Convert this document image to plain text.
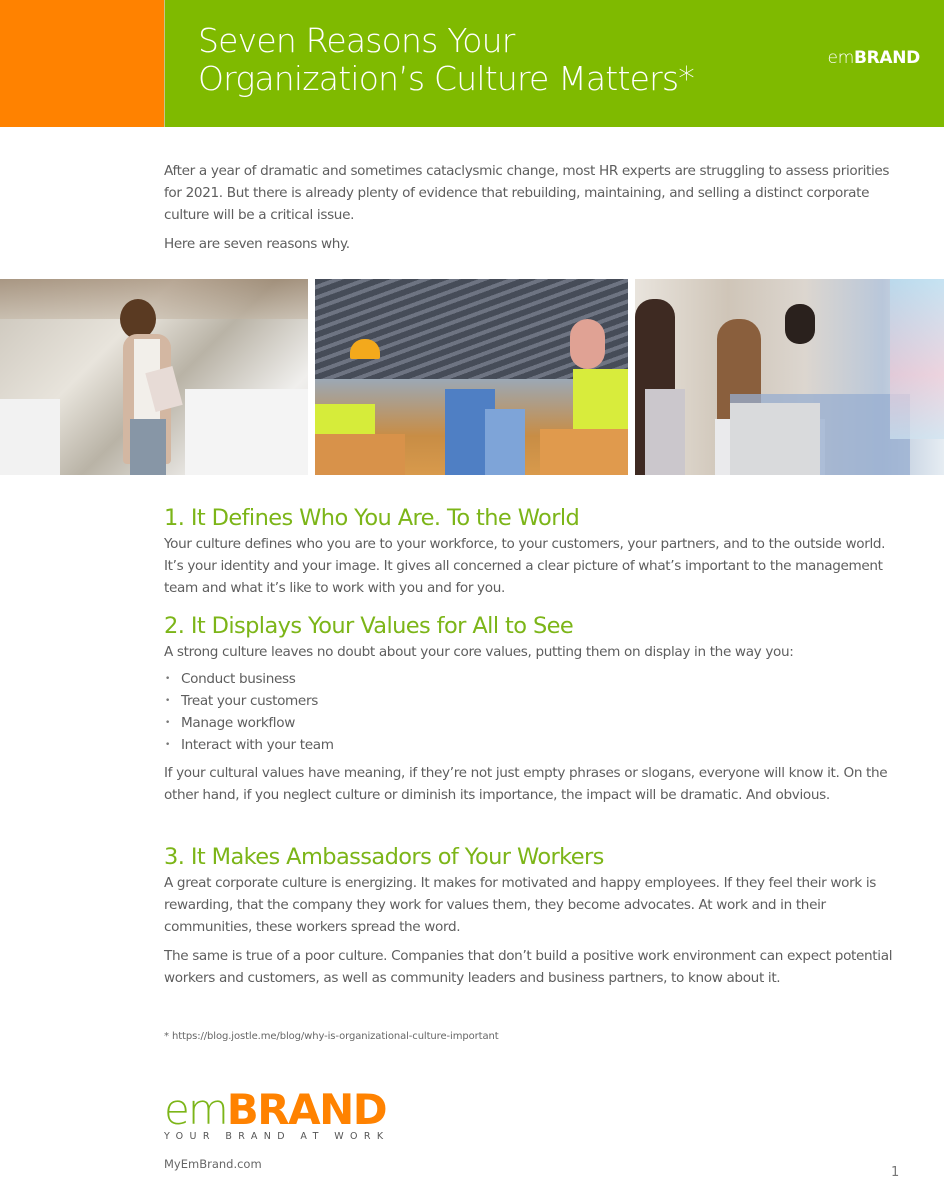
Seven Reasons Your
Organization’s Culture Matters*
emBRAND

After a year of dramatic and sometimes cataclysmic change, most HR experts are struggling to assess priorities for 2021. But there is already plenty of evidence that rebuilding, maintaining, and selling a distinct corporate culture will be a critical issue.

Here are seven reasons why.

1. It Defines Who You Are. To the World

Your culture defines who you are to your workforce, to your customers, your partners, and to the outside world. It’s your identity and your image. It gives all concerned a clear picture of what’s important to the management team and what it’s like to work with you and for you.

2. It Displays Your Values for All to See

A strong culture leaves no doubt about your core values, putting them on display in the way you:

• Conduct business
• Treat your customers
• Manage workflow
• Interact with your team

If your cultural values have meaning, if they’re not just empty phrases or slogans, everyone will know it. On the other hand, if you neglect culture or diminish its importance, the impact will be dramatic. And obvious.

3. It Makes Ambassadors of Your Workers

A great corporate culture is energizing. It makes for motivated and happy employees. If they feel their work is rewarding, that the company they work for values them, they become advocates. At work and in their communities, these workers spread the word.

The same is true of a poor culture. Companies that don’t build a positive work environment can expect potential workers and customers, as well as community leaders and business partners, to know about it.

* https://blog.jostle.me/blog/why-is-organizational-culture-important
emBRAND
YOUR BRAND AT WORK
MyEmBrand.com
1
